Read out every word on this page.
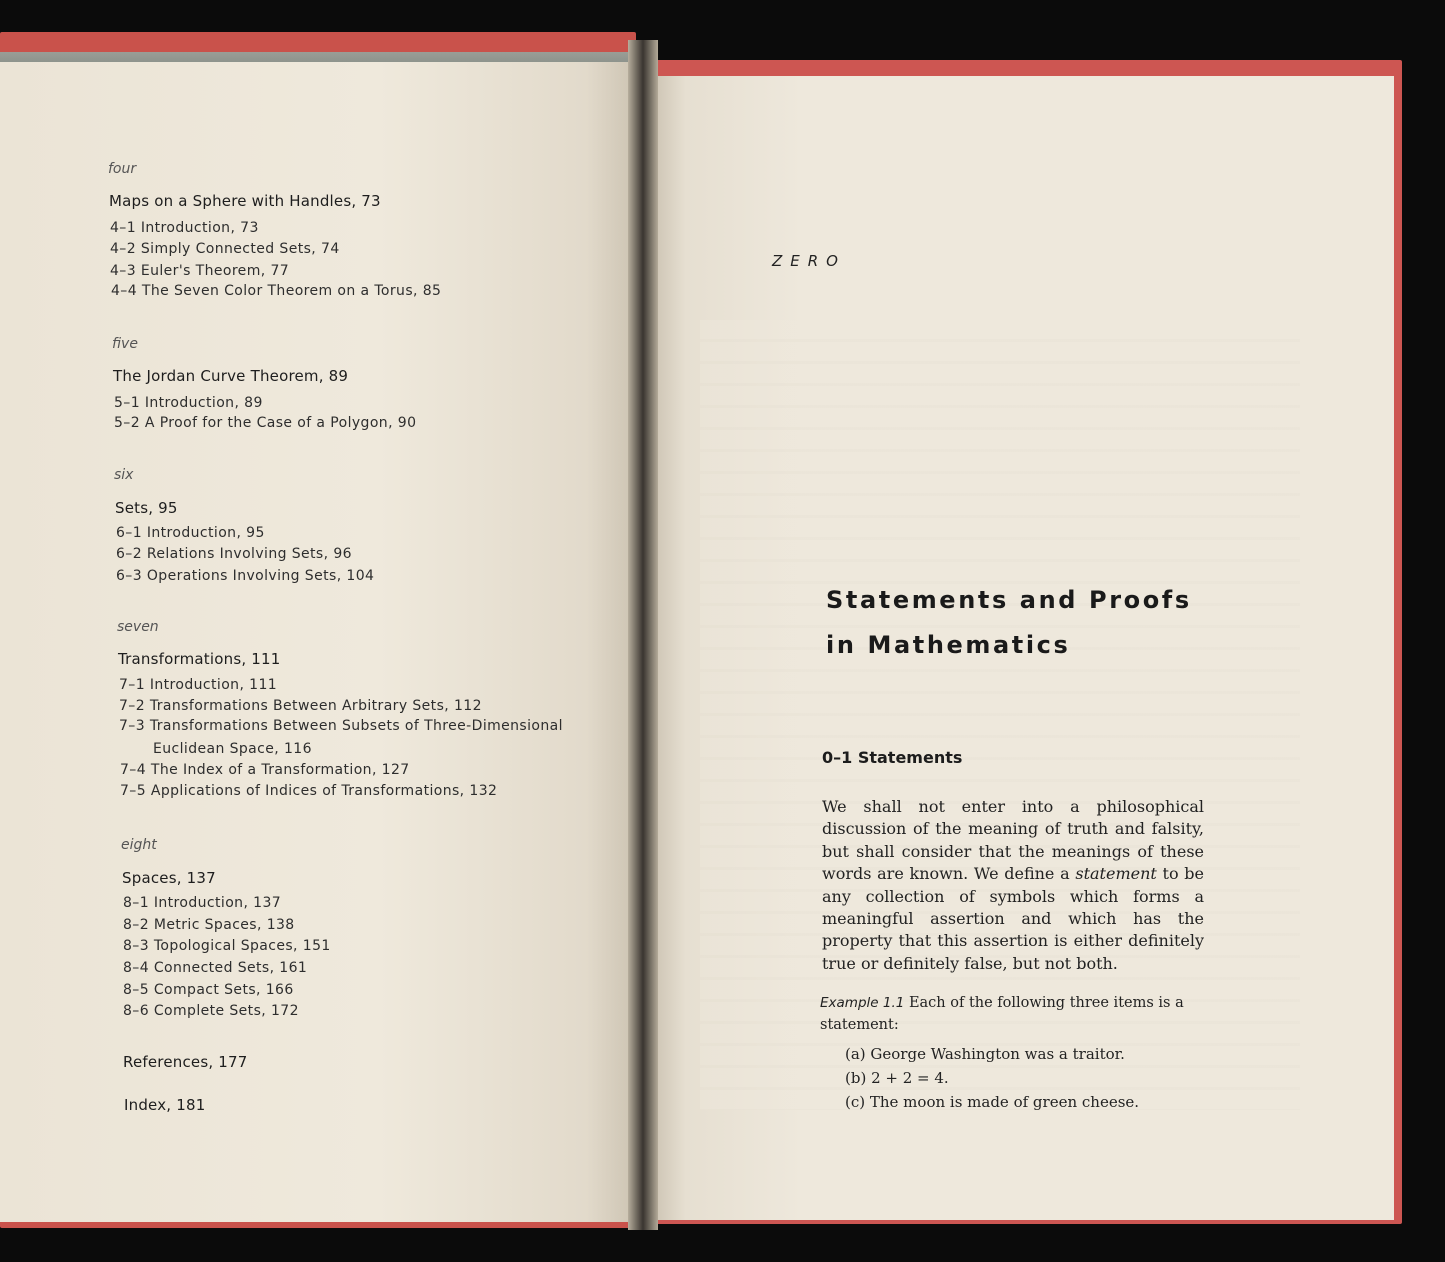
four
Maps on a Sphere with Handles, 73
4–1 Introduction, 73
4–2 Simply Connected Sets, 74
4–3 Euler's Theorem, 77
4–4 The Seven Color Theorem on a Torus, 85
five
The Jordan Curve Theorem, 89
5–1 Introduction, 89
5–2 A Proof for the Case of a Polygon, 90
six
Sets, 95
6–1 Introduction, 95
6–2 Relations Involving Sets, 96
6–3 Operations Involving Sets, 104
seven
Transformations, 111
7–1 Introduction, 111
7–2 Transformations Between Arbitrary Sets, 112
7–3 Transformations Between Subsets of Three-Dimensional
Euclidean Space, 116
7–4 The Index of a Transformation, 127
7–5 Applications of Indices of Transformations, 132
eight
Spaces, 137
8–1 Introduction, 137
8–2 Metric Spaces, 138
8–3 Topological Spaces, 151
8–4 Connected Sets, 161
8–5 Compact Sets, 166
8–6 Complete Sets, 172
References, 177
Index, 181
ZERO
Statements and Proofs
in Mathematics
0–1 Statements
We shall not enter into a philosophical discussion of the meaning of truth and falsity, but shall consider that the meanings of these words are known. We define a statement to be any collection of symbols which forms a meaningful assertion and which has the property that this assertion is either definitely true or definitely false, but not both.
Example 1.1 Each of the following three items is a statement:
(a) George Washington was a traitor.
(b) 2 + 2 = 4.
(c) The moon is made of green cheese.
